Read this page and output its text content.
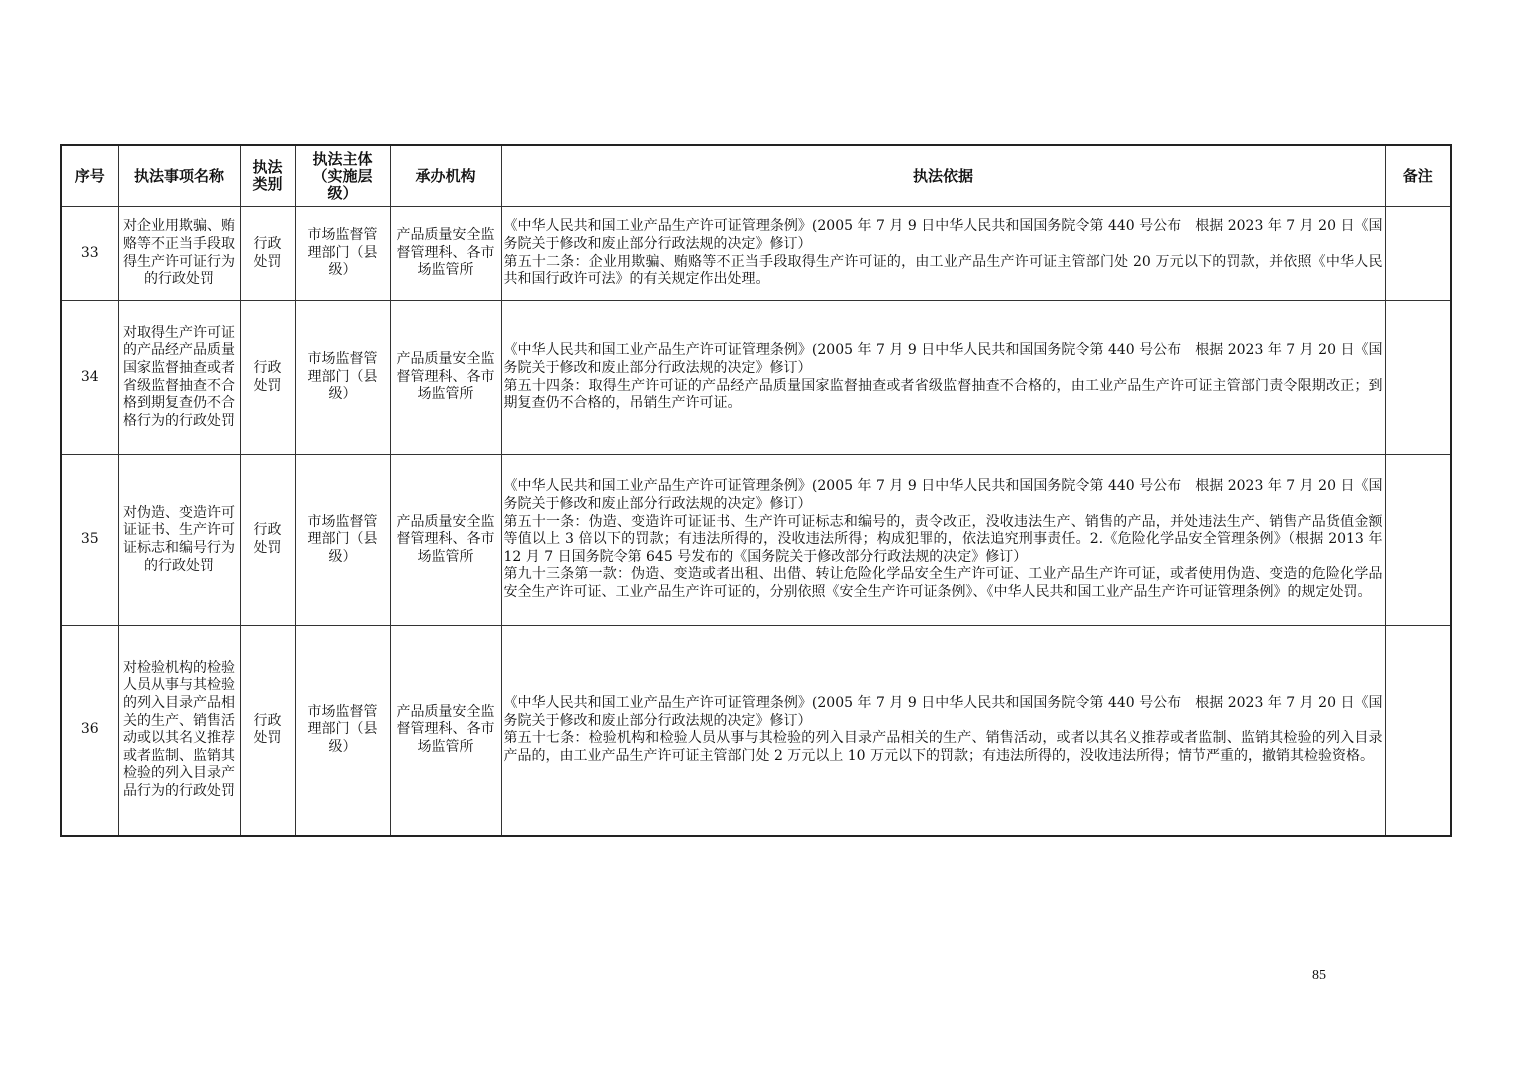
序号	执法事项名称	执法类别	执法主体（实施层级）	承办机构	执法依据	备注
33	对企业用欺骗、贿赂等不正当手段取得生产许可证行为的行政处罚	行政处罚	市场监督管理部门（县级）	产品质量安全监督管理科、各市场监管所	《中华人民共和国工业产品生产许可证管理条例》(2005 年 7 月 9 日中华人民共和国国务院令第 440 号公布　根据 2023 年 7 月 20 日《国务院关于修改和废止部分行政法规的决定》修订）
第五十二条：企业用欺骗、贿赂等不正当手段取得生产许可证的，由工业产品生产许可证主管部门处 20 万元以下的罚款，并依照《中华人民共和国行政许可法》的有关规定作出处理。	

34	对取得生产许可证的产品经产品质量国家监督抽查或者省级监督抽查不合格到期复查仍不合格行为的行政处罚	行政处罚	市场监督管理部门（县级）	产品质量安全监督管理科、各市场监管所	《中华人民共和国工业产品生产许可证管理条例》(2005 年 7 月 9 日中华人民共和国国务院令第 440 号公布　根据 2023 年 7 月 20 日《国务院关于修改和废止部分行政法规的决定》修订）
第五十四条：取得生产许可证的产品经产品质量国家监督抽查或者省级监督抽查不合格的，由工业产品生产许可证主管部门责令限期改正；到期复查仍不合格的，吊销生产许可证。	

35	对伪造、变造许可证证书、生产许可证标志和编号行为的行政处罚	行政处罚	市场监督管理部门（县级）	产品质量安全监督管理科、各市场监管所	《中华人民共和国工业产品生产许可证管理条例》(2005 年 7 月 9 日中华人民共和国国务院令第 440 号公布　根据 2023 年 7 月 20 日《国务院关于修改和废止部分行政法规的决定》修订）
第五十一条：伪造、变造许可证证书、生产许可证标志和编号的，责令改正，没收违法生产、销售的产品，并处违法生产、销售产品货值金额等值以上 3 倍以下的罚款；有违法所得的，没收违法所得；构成犯罪的，依法追究刑事责任。2.《危险化学品安全管理条例》（根据 2013 年 12 月 7 日国务院令第 645 号发布的《国务院关于修改部分行政法规的决定》修订）
第九十三条第一款：伪造、变造或者出租、出借、转让危险化学品安全生产许可证、工业产品生产许可证，或者使用伪造、变造的危险化学品安全生产许可证、工业产品生产许可证的，分别依照《安全生产许可证条例》、《中华人民共和国工业产品生产许可证管理条例》的规定处罚。	

36	对检验机构的检验人员从事与其检验的列入目录产品相关的生产、销售活动或以其名义推荐或者监制、监销其检验的列入目录产品行为的行政处罚	行政处罚	市场监督管理部门（县级）	产品质量安全监督管理科、各市场监管所	《中华人民共和国工业产品生产许可证管理条例》(2005 年 7 月 9 日中华人民共和国国务院令第 440 号公布　根据 2023 年 7 月 20 日《国务院关于修改和废止部分行政法规的决定》修订）
第五十七条：检验机构和检验人员从事与其检验的列入目录产品相关的生产、销售活动，或者以其名义推荐或者监制、监销其检验的列入目录产品的，由工业产品生产许可证主管部门处 2 万元以上 10 万元以下的罚款；有违法所得的，没收违法所得；情节严重的，撤销其检验资格。	

85
